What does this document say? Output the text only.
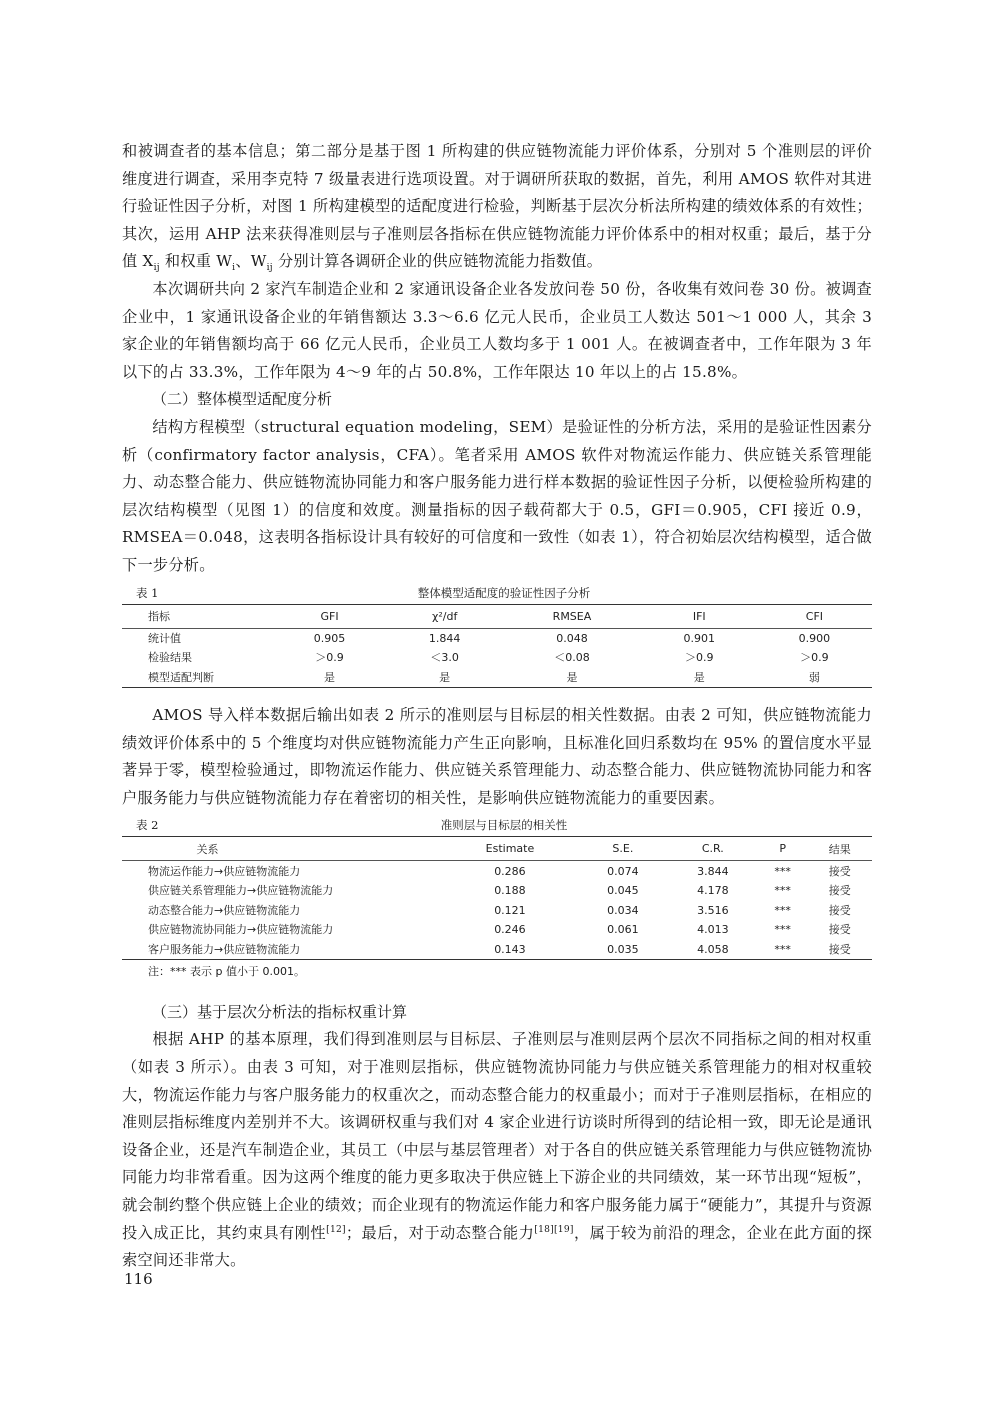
和被调查者的基本信息；第二部分是基于图 1 所构建的供应链物流能力评价体系，分别对 5 个准则层的评价维度进行调查，采用李克特 7 级量表进行选项设置。对于调研所获取的数据，首先，利用 AMOS 软件对其进行验证性因子分析，对图 1 所构建模型的适配度进行检验，判断基于层次分析法所构建的绩效体系的有效性；其次，运用 AHP 法来获得准则层与子准则层各指标在供应链物流能力评价体系中的相对权重；最后，基于分值 $X_{ij}$ 和权重 $W_i$、$W_{ij}$ 分别计算各调研企业的供应链物流能力指数值。

本次调研共向 2 家汽车制造企业和 2 家通讯设备企业各发放问卷 50 份，各收集有效问卷 30 份。被调查企业中，1 家通讯设备企业的年销售额达 3.3～6.6 亿元人民币，企业员工人数达 501～1 000 人，其余 3 家企业的年销售额均高于 66 亿元人民币，企业员工人数均多于 1 001 人。在被调查者中，工作年限为 3 年以下的占 33.3%，工作年限为 4～9 年的占 50.8%，工作年限达 10 年以上的占 15.8%。

（二）整体模型适配度分析

结构方程模型（structural equation modeling，SEM）是验证性的分析方法，采用的是验证性因素分析（confirmatory factor analysis，CFA）。笔者采用 AMOS 软件对物流运作能力、供应链关系管理能力、动态整合能力、供应链物流协同能力和客户服务能力进行样本数据的验证性因子分析，以便检验所构建的层次结构模型（见图 1）的信度和效度。测量指标的因子载荷都大于 0.5，GFI＝0.905，CFI 接近 0.9，RMSEA＝0.048，这表明各指标设计具有较好的可信度和一致性（如表 1），符合初始层次结构模型，适合做下一步分析。

表 1	整体模型适配度的验证性因子分析
指标	GFI	χ²/df	RMSEA	IFI	CFI
统计值	0.905	1.844	0.048	0.901	0.900
检验结果	＞0.9	＜3.0	＜0.08	＞0.9	＞0.9
模型适配判断	是	是	是	是	弱

AMOS 导入样本数据后输出如表 2 所示的准则层与目标层的相关性数据。由表 2 可知，供应链物流能力绩效评价体系中的 5 个维度均对供应链物流能力产生正向影响，且标准化回归系数均在 95% 的置信度水平显著异于零，模型检验通过，即物流运作能力、供应链关系管理能力、动态整合能力、供应链物流协同能力和客户服务能力与供应链物流能力存在着密切的相关性，是影响供应链物流能力的重要因素。

表 2	准则层与目标层的相关性
关系	Estimate	S.E.	C.R.	P	结果
物流运作能力→供应链物流能力	0.286	0.074	3.844	***	接受
供应链关系管理能力→供应链物流能力	0.188	0.045	4.178	***	接受
动态整合能力→供应链物流能力	0.121	0.034	3.516	***	接受
供应链物流协同能力→供应链物流能力	0.246	0.061	4.013	***	接受
客户服务能力→供应链物流能力	0.143	0.035	4.058	***	接受
注：*** 表示 p 值小于 0.001。
（三）基于层次分析法的指标权重计算

根据 AHP 的基本原理，我们得到准则层与目标层、子准则层与准则层两个层次不同指标之间的相对权重（如表 3 所示）。由表 3 可知，对于准则层指标，供应链物流协同能力与供应链关系管理能力的相对权重较大，物流运作能力与客户服务能力的权重次之，而动态整合能力的权重最小；而对于子准则层指标，在相应的准则层指标维度内差别并不大。该调研权重与我们对 4 家企业进行访谈时所得到的结论相一致，即无论是通讯设备企业，还是汽车制造企业，其员工（中层与基层管理者）对于各自的供应链关系管理能力与供应链物流协同能力均非常看重。因为这两个维度的能力更多取决于供应链上下游企业的共同绩效，某一环节出现“短板”，就会制约整个供应链上企业的绩效；而企业现有的物流运作能力和客户服务能力属于“硬能力”，其提升与资源投入成正比，其约束具有刚性[12]；最后，对于动态整合能力[18][19]，属于较为前沿的理念，企业在此方面的探索空间还非常大。

116
